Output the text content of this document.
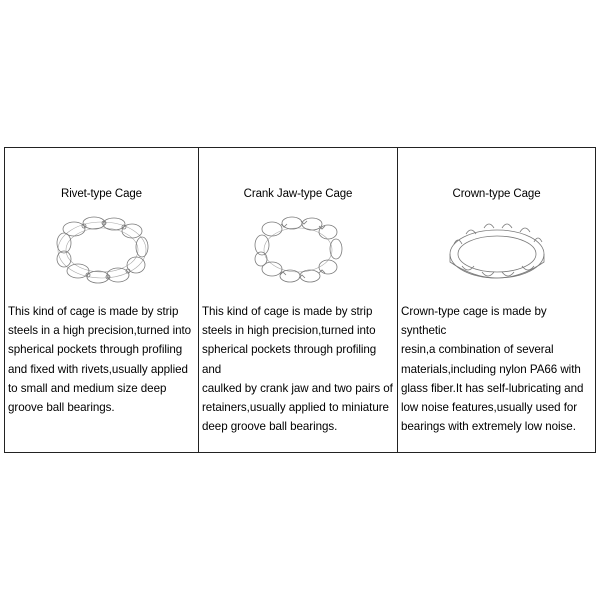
Rivet-type Cage
This kind of cage is made by strip
steels in a high precision,turned into
spherical pockets through profiling
and fixed with rivets,usually applied
to small and medium size deep
groove ball bearings.
Crank Jaw-type Cage
This kind of cage is made by strip
steels in high precision,turned into
spherical pockets through profiling and
caulked by crank jaw and two pairs of
retainers,usually applied to miniature
deep groove ball bearings.
Crown-type Cage
Crown-type cage is made by synthetic
resin,a combination of several
materials,including nylon PA66 with
glass fiber.It has self-lubricating and
low noise features,usually used for
bearings with extremely low noise.
